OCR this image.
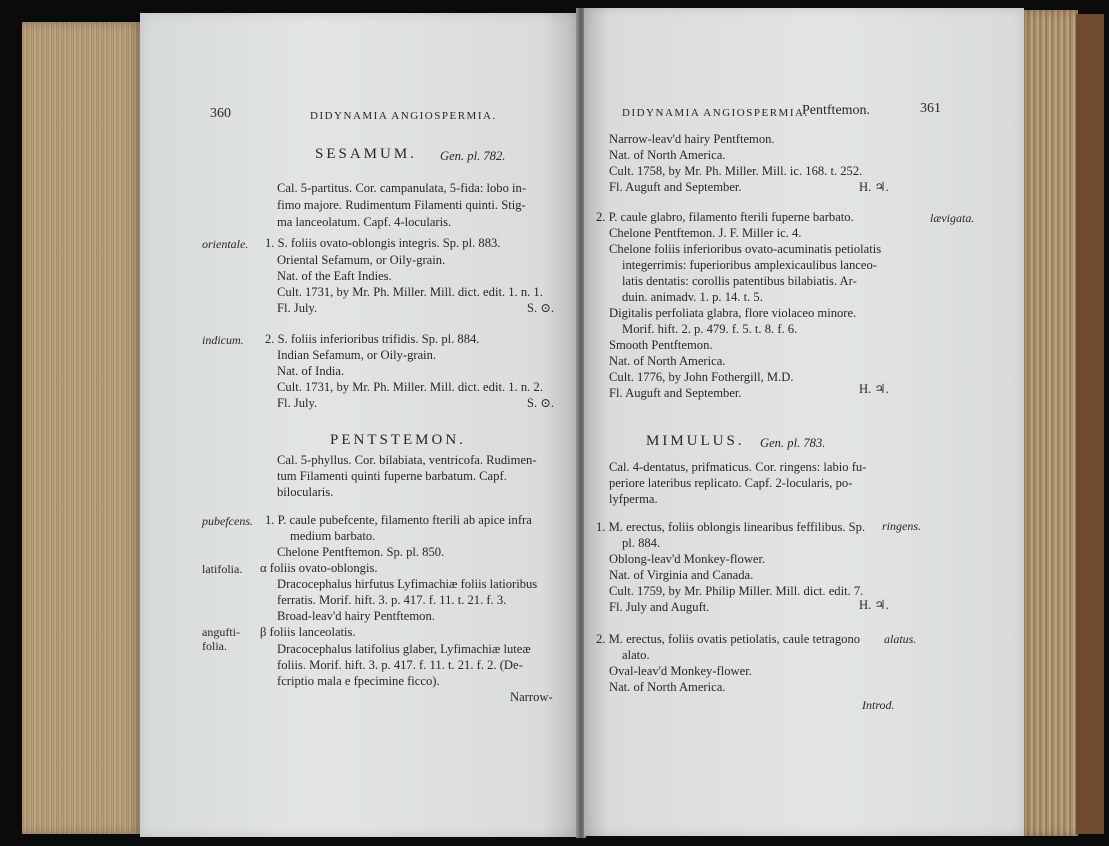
360	DIDYNAMIA ANGIOSPERMIA.
SESAMUM. Gen. pl. 782.
Cal. 5-partitus. Cor. campanulata, 5-fida: lobo in-
fimo majore. Rudimentum Filamenti quinti. Stig-
ma lanceolatum. Capf. 4-locularis.
orientale. 1. S. foliis ovato-oblongis integris. Sp. pl. 883.
Oriental Sefamum, or Oily-grain.
Nat. of the Eaft Indies.
Cult. 1731, by Mr. Ph. Miller. Mill. dict. edit. 1. n. 1.
Fl. July.	S. ⊙.
indicum. 2. S. foliis inferioribus trifidis. Sp. pl. 884.
Indian Sefamum, or Oily-grain.
Nat. of India.
Cult. 1731, by Mr. Ph. Miller. Mill. dict. edit. 1. n. 2.
Fl. July.	S. ⊙.
PENTSTEMON.
Cal. 5-phyllus. Cor. bilabiata, ventricofa. Rudimen-
tum Filamenti quinti fuperne barbatum. Capf.
bilocularis.
pubefcens. 1. P. caule pubefcente, filamento fterili ab apice infra
medium barbato.
Chelone Pentftemon. Sp. pl. 850.
latifolia. α foliis ovato-oblongis.
Dracocephalus hirfutus Lyfimachiæ foliis latioribus
ferratis. Morif. hift. 3. p. 417. f. 11. t. 21. f. 3.
Broad-leav'd hairy Pentftemon.
angufti-
folia.
β foliis lanceolatis.
Dracocephalus latifolius glaber, Lyfimachiæ luteæ
foliis. Morif. hift. 3. p. 417. f. 11. t. 21. f. 2. (De-
fcriptio mala e fpecimine ficco).
Narrow-
DIDYNAMIA ANGIOSPERMIA.
Pentftemon.	361
Narrow-leav'd hairy Pentftemon.
Nat. of North America.
Cult. 1758, by Mr. Ph. Miller. Mill. ic. 168. t. 252.
Fl. Auguft and September.	H. ♃.
2. P. caule glabro, filamento fterili fuperne barbato.	lævigata.
Chelone Pentftemon. J. F. Miller ic. 4.
Chelone foliis inferioribus ovato-acuminatis petiolatis
integerrimis: fuperioribus amplexicaulibus lanceo-
latis dentatis: corollis patentibus bilabiatis. Ar-
duin. animadv. 1. p. 14. t. 5.
Digitalis perfoliata glabra, flore violaceo minore.
Morif. hift. 2. p. 479. f. 5. t. 8. f. 6.
Smooth Pentftemon.
Nat. of North America.
Cult. 1776, by John Fothergill, M.D.
Fl. Auguft and September.	H. ♃.
MIMULUS. Gen. pl. 783.
Cal. 4-dentatus, prifmaticus. Cor. ringens: labio fu-
periore lateribus replicato. Capf. 2-locularis, po-
lyfperma.
1. M. erectus, foliis oblongis linearibus feffilibus. Sp. ringens.
pl. 884.
Oblong-leav'd Monkey-flower.
Nat. of Virginia and Canada.
Cult. 1759, by Mr. Philip Miller. Mill. dict. edit. 7.
Fl. July and Auguft.	H. ♃.
2. M. erectus, foliis ovatis petiolatis, caule tetragono alatus.
alato.
Oval-leav'd Monkey-flower.
Nat. of North America.
Introd.
